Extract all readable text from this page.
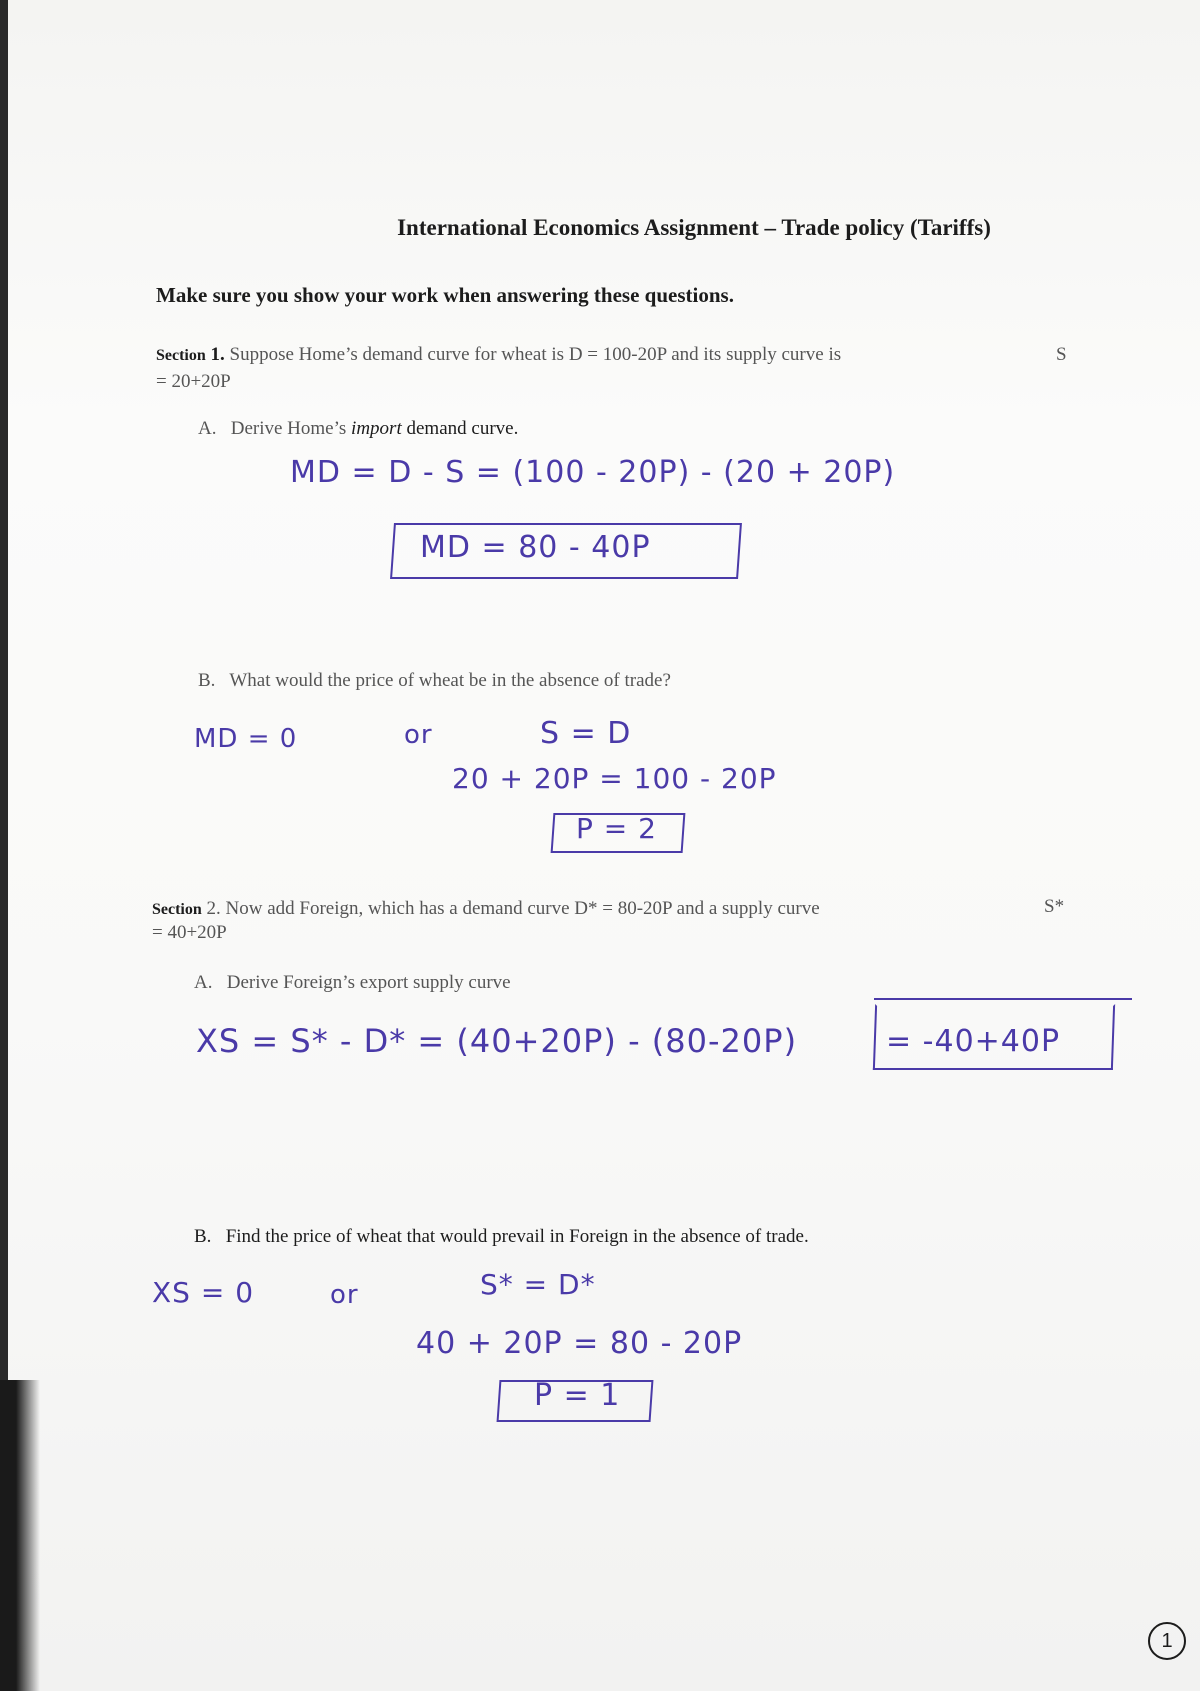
International Economics Assignment – Trade policy (Tariffs)
Make sure you show your work when answering these questions.
Section 1. Suppose Home’s demand curve for wheat is D = 100-20P and its supply curve is	S
= 20+20P
A. Derive Home’s import demand curve.
MD = D - S = (100 - 20P) - (20 + 20P)
MD = 80 - 40P
B. What would the price of wheat be in the absence of trade?
MD = 0	or	S = D
20 + 20P = 100 - 20P
P = 2
Section 2. Now add Foreign, which has a demand curve D* = 80-20P and a supply curve	S*
= 40+20P
A. Derive Foreign’s export supply curve
XS = S* - D* = (40+20P) - (80-20P)	= -40+40P
B. Find the price of wheat that would prevail in Foreign in the absence of trade.
XS = 0	or	S* = D*
40 + 20P = 80 - 20P
P = 1
1
